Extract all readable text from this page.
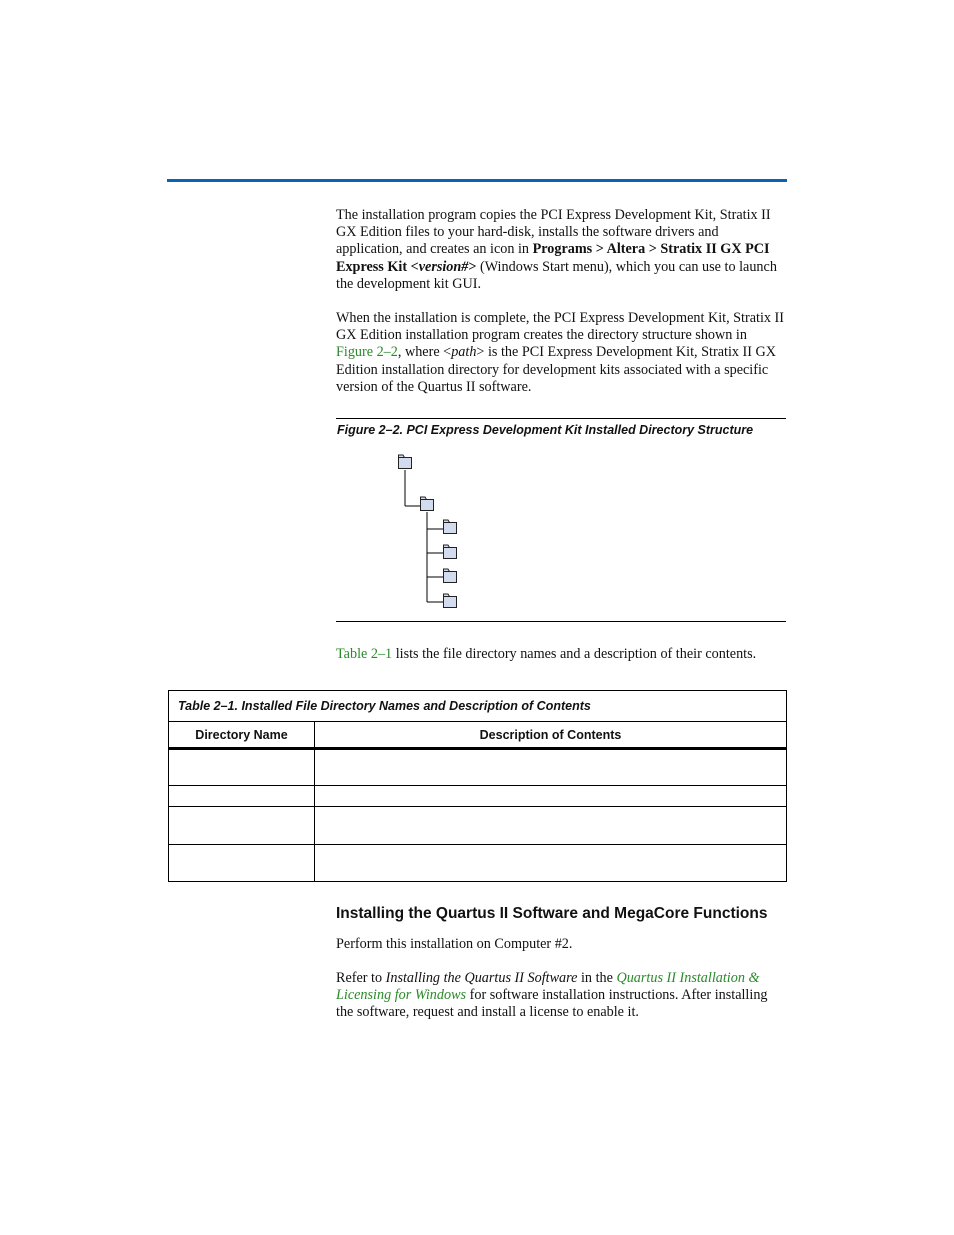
The installation program copies the PCI Express Development Kit, Stratix II GX Edition files to your hard-disk, installs the software drivers and application, and creates an icon in Programs > Altera > Stratix II GX PCI Express Kit <version#> (Windows Start menu), which you can use to launch the development kit GUI.

When the installation is complete, the PCI Express Development Kit, Stratix II GX Edition installation program creates the directory structure shown in Figure 2–2, where <path> is the PCI Express Development Kit, Stratix II GX Edition installation directory for development kits associated with a specific version of the Quartus II software.

Figure 2–2. PCI Express Development Kit Installed Directory Structure

Table 2–1 lists the file directory names and a description of their contents.

Table 2–1. Installed File Directory Names and Description of Contents	
Directory Name	Description of Contents

Installing the Quartus II Software and MegaCore Functions

Perform this installation on Computer #2.

Refer to Installing the Quartus II Software in the Quartus II Installation & Licensing for Windows for software installation instructions. After installing the software, request and install a license to enable it.
